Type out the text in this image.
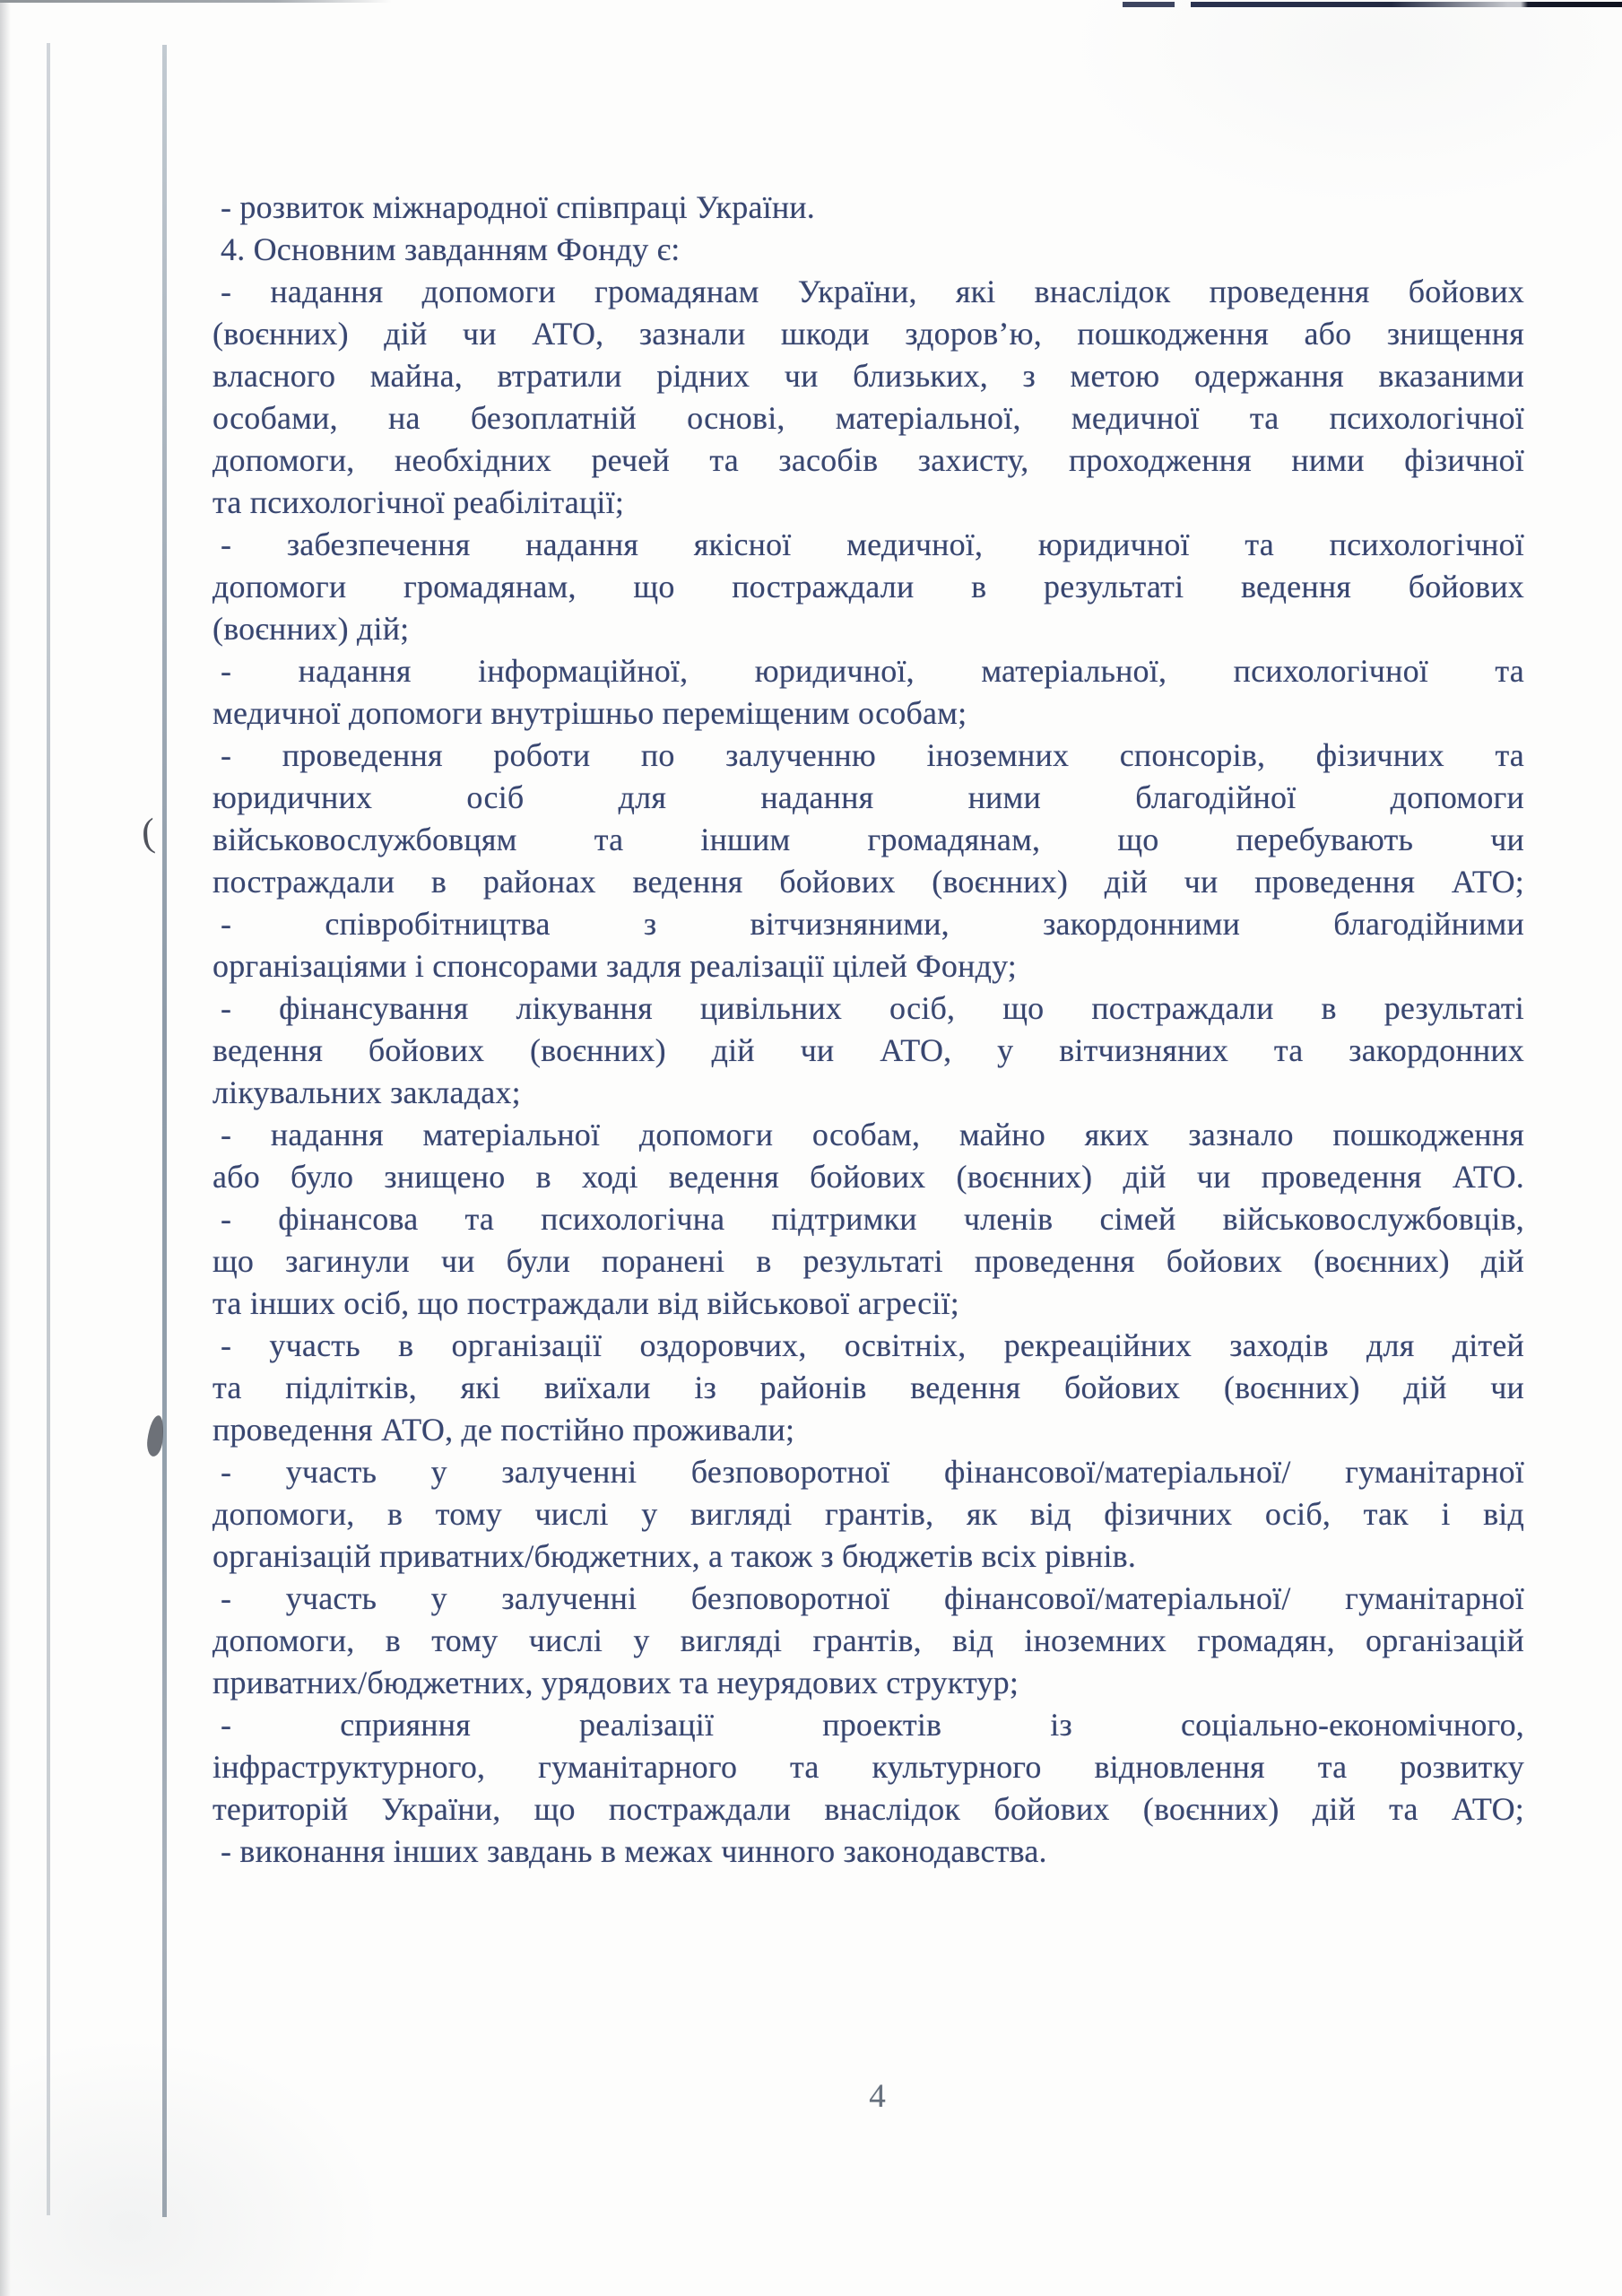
(
- розвиток міжнародної співпраці України.
4. Основним завданням Фонду є:
- надання допомоги громадянам України, які внаслідок проведення бойових
(воєнних) дій чи АТО, зазнали шкоди здоров’ю, пошкодження або знищення
власного майна, втратили рідних чи близьких, з метою одержання вказаними
особами, на безоплатній основі, матеріальної, медичної та психологічної
допомоги, необхідних речей та засобів захисту, проходження ними фізичної
та психологічної реабілітації;
- забезпечення надання якісної медичної, юридичної та психологічної
допомоги громадянам, що постраждали в результаті ведення бойових
(воєнних) дій;
- надання інформаційної, юридичної, матеріальної, психологічної та
медичної допомоги внутрішньо переміщеним особам;
- проведення роботи по залученню іноземних спонсорів, фізичних та
юридичних осіб для надання ними благодійної допомоги
військовослужбовцям та іншим громадянам, що перебувають чи
постраждали в районах ведення бойових (воєнних) дій чи проведення АТО;
- співробітництва з вітчизняними, закордонними благодійними
організаціями і спонсорами задля реалізації цілей Фонду;
- фінансування лікування цивільних осіб, що постраждали в результаті
ведення бойових (воєнних) дій чи АТО, у вітчизняних та закордонних
лікувальних закладах;
- надання матеріальної допомоги особам, майно яких зазнало пошкодження
або було знищено в ході ведення бойових (воєнних) дій чи проведення АТО.
- фінансова та психологічна підтримки членів сімей військовослужбовців,
що загинули чи були поранені в результаті проведення бойових (воєнних) дій
та інших осіб, що постраждали від військової агресії;
- участь в організації оздоровчих, освітніх, рекреаційних заходів для дітей
та підлітків, які виїхали із районів ведення бойових (воєнних) дій чи
проведення АТО, де постійно проживали;
- участь у залученні безповоротної фінансової/матеріальної/ гуманітарної
допомоги, в тому числі у вигляді грантів, як від фізичних осіб, так і від
організацій приватних/бюджетних, а також з бюджетів всіх рівнів.
- участь у залученні безповоротної фінансової/матеріальної/ гуманітарної
допомоги, в тому числі у вигляді грантів, від іноземних громадян, організацій
приватних/бюджетних, урядових та неурядових структур;
- сприяння реалізації проектів із соціально-економічного,
інфраструктурного, гуманітарного та культурного відновлення та розвитку
територій України, що постраждали внаслідок бойових (воєнних) дій та АТО;
- виконання інших завдань в межах чинного законодавства.
4
